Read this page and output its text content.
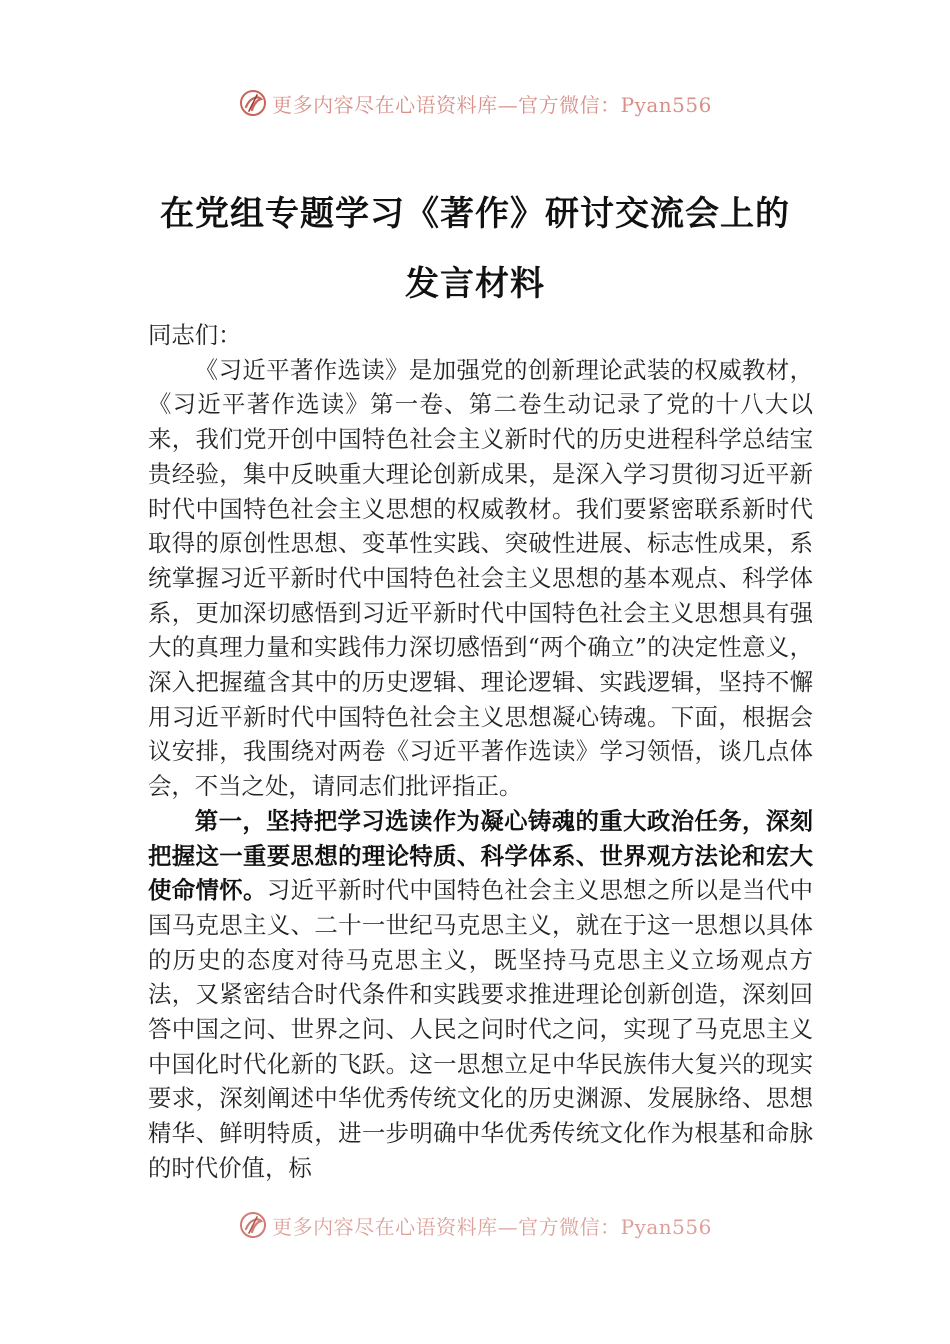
更多内容尽在心语资料库—官方微信：Pyan556
在党组专题学习《著作》研讨交流会上的
发言材料

同志们：

《习近平著作选读》是加强党的创新理论武装的权威教材，《习近平著作选读》第一卷、第二卷生动记录了党的十八大以来，我们党开创中国特色社会主义新时代的历史进程科学总结宝贵经验，集中反映重大理论创新成果，是深入学习贯彻习近平新时代中国特色社会主义思想的权威教材。我们要紧密联系新时代取得的原创性思想、变革性实践、突破性进展、标志性成果，系统掌握习近平新时代中国特色社会主义思想的基本观点、科学体系，更加深切感悟到习近平新时代中国特色社会主义思想具有强大的真理力量和实践伟力深切感悟到“两个确立”的决定性意义，深入把握蕴含其中的历史逻辑、理论逻辑、实践逻辑，坚持不懈用习近平新时代中国特色社会主义思想凝心铸魂。下面，根据会议安排，我围绕对两卷《习近平著作选读》学习领悟，谈几点体会，不当之处，请同志们批评指正。

第一，坚持把学习选读作为凝心铸魂的重大政治任务，深刻把握这一重要思想的理论特质、科学体系、世界观方法论和宏大使命情怀。习近平新时代中国特色社会主义思想之所以是当代中国马克思主义、二十一世纪马克思主义，就在于这一思想以具体的历史的态度对待马克思主义，既坚持马克思主义立场观点方法，又紧密结合时代条件和实践要求推进理论创新创造，深刻回答中国之问、世界之问、人民之问时代之问，实现了马克思主义中国化时代化新的飞跃。这一思想立足中华民族伟大复兴的现实要求，深刻阐述中华优秀传统文化的历史渊源、发展脉络、思想精华、鲜明特质，进一步明确中华优秀传统文化作为根基和命脉的时代价值，标

更多内容尽在心语资料库—官方微信：Pyan556
